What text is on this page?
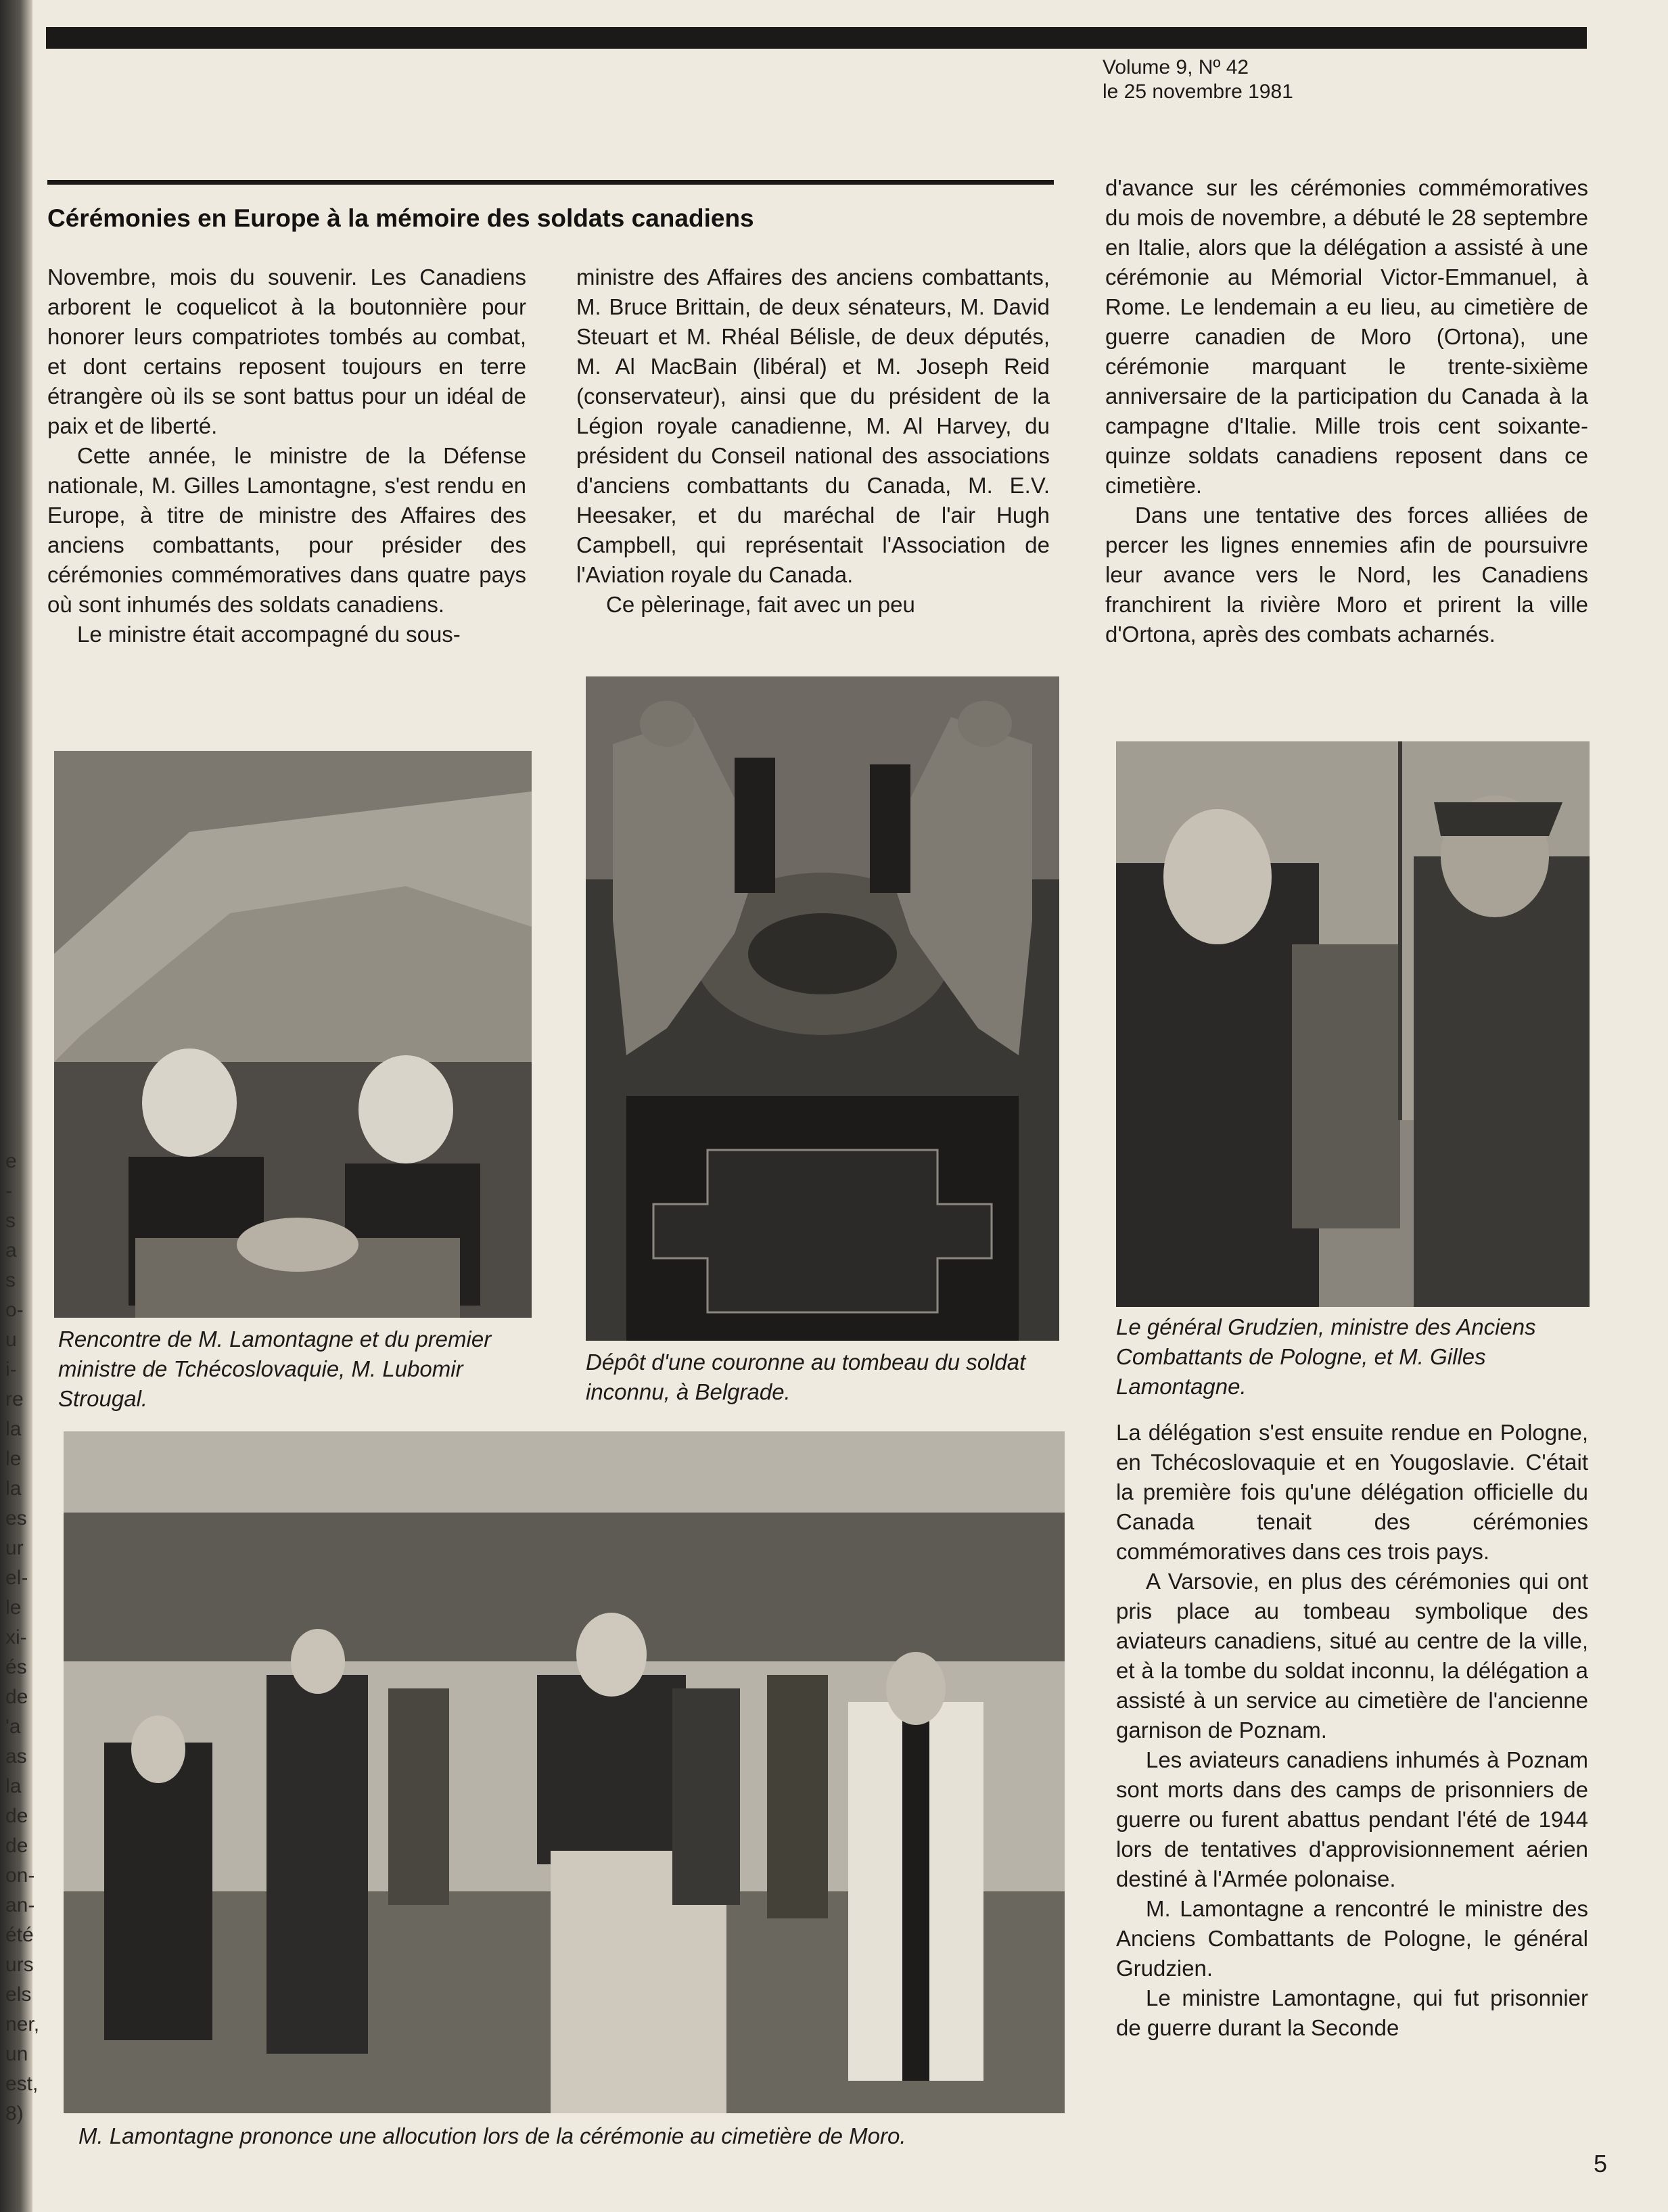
e
-
s
a
s
o-
u
i-
re
la
le
la
es
ur
el-
le
xi-
és
de
'a
as
la
de
de
on-
an-
été
urs
els
ner,
un
est,
8)
Volume 9, Nº 42
le 25 novembre 1981
Cérémonies en Europe à la mémoire des soldats canadiens

Novembre, mois du souvenir. Les Canadiens arborent le coquelicot à la boutonnière pour honorer leurs compatriotes tombés au combat, et dont certains reposent toujours en terre étrangère où ils se sont battus pour un idéal de paix et de liberté.

Cette année, le ministre de la Défense nationale, M. Gilles Lamontagne, s'est rendu en Europe, à titre de ministre des Affaires des anciens combattants, pour présider des cérémonies commémoratives dans quatre pays où sont inhumés des soldats canadiens.

Le ministre était accompagné du sous-

ministre des Affaires des anciens combattants, M. Bruce Brittain, de deux sénateurs, M. David Steuart et M. Rhéal Bélisle, de deux députés, M. Al MacBain (libéral) et M. Joseph Reid (conservateur), ainsi que du président de la Légion royale canadienne, M. Al Harvey, du président du Conseil national des associations d'anciens combattants du Canada, M. E.V. Heesaker, et du maréchal de l'air Hugh Campbell, qui représentait l'Association de l'Aviation royale du Canada.

Ce pèlerinage, fait avec un peu

d'avance sur les cérémonies commémoratives du mois de novembre, a débuté le 28 septembre en Italie, alors que la délégation a assisté à une cérémonie au Mémorial Victor-Emmanuel, à Rome. Le lendemain a eu lieu, au cimetière de guerre canadien de Moro (Ortona), une cérémonie marquant le trente-sixième anniversaire de la participation du Canada à la campagne d'Italie. Mille trois cent soixante-quinze soldats canadiens reposent dans ce cimetière.

Dans une tentative des forces alliées de percer les lignes ennemies afin de poursuivre leur avance vers le Nord, les Canadiens franchirent la rivière Moro et prirent la ville d'Ortona, après des combats acharnés.

Rencontre de M. Lamontagne et du premier ministre de Tchécoslovaquie, M. Lubomir Strougal.
Dépôt d'une couronne au tombeau du soldat inconnu, à Belgrade.
Le général Grudzien, ministre des Anciens Combattants de Pologne, et M. Gilles Lamontagne.

La délégation s'est ensuite rendue en Pologne, en Tchécoslovaquie et en Yougoslavie. C'était la première fois qu'une délégation officielle du Canada tenait des cérémonies commémoratives dans ces trois pays.

A Varsovie, en plus des cérémonies qui ont pris place au tombeau symbolique des aviateurs canadiens, situé au centre de la ville, et à la tombe du soldat inconnu, la délégation a assisté à un service au cimetière de l'ancienne garnison de Poznam.

Les aviateurs canadiens inhumés à Poznam sont morts dans des camps de prisonniers de guerre ou furent abattus pendant l'été de 1944 lors de tentatives d'approvisionnement aérien destiné à l'Armée polonaise.

M. Lamontagne a rencontré le ministre des Anciens Combattants de Pologne, le général Grudzien.

Le ministre Lamontagne, qui fut prisonnier de guerre durant la Seconde

M. Lamontagne prononce une allocution lors de la cérémonie au cimetière de Moro.
5
